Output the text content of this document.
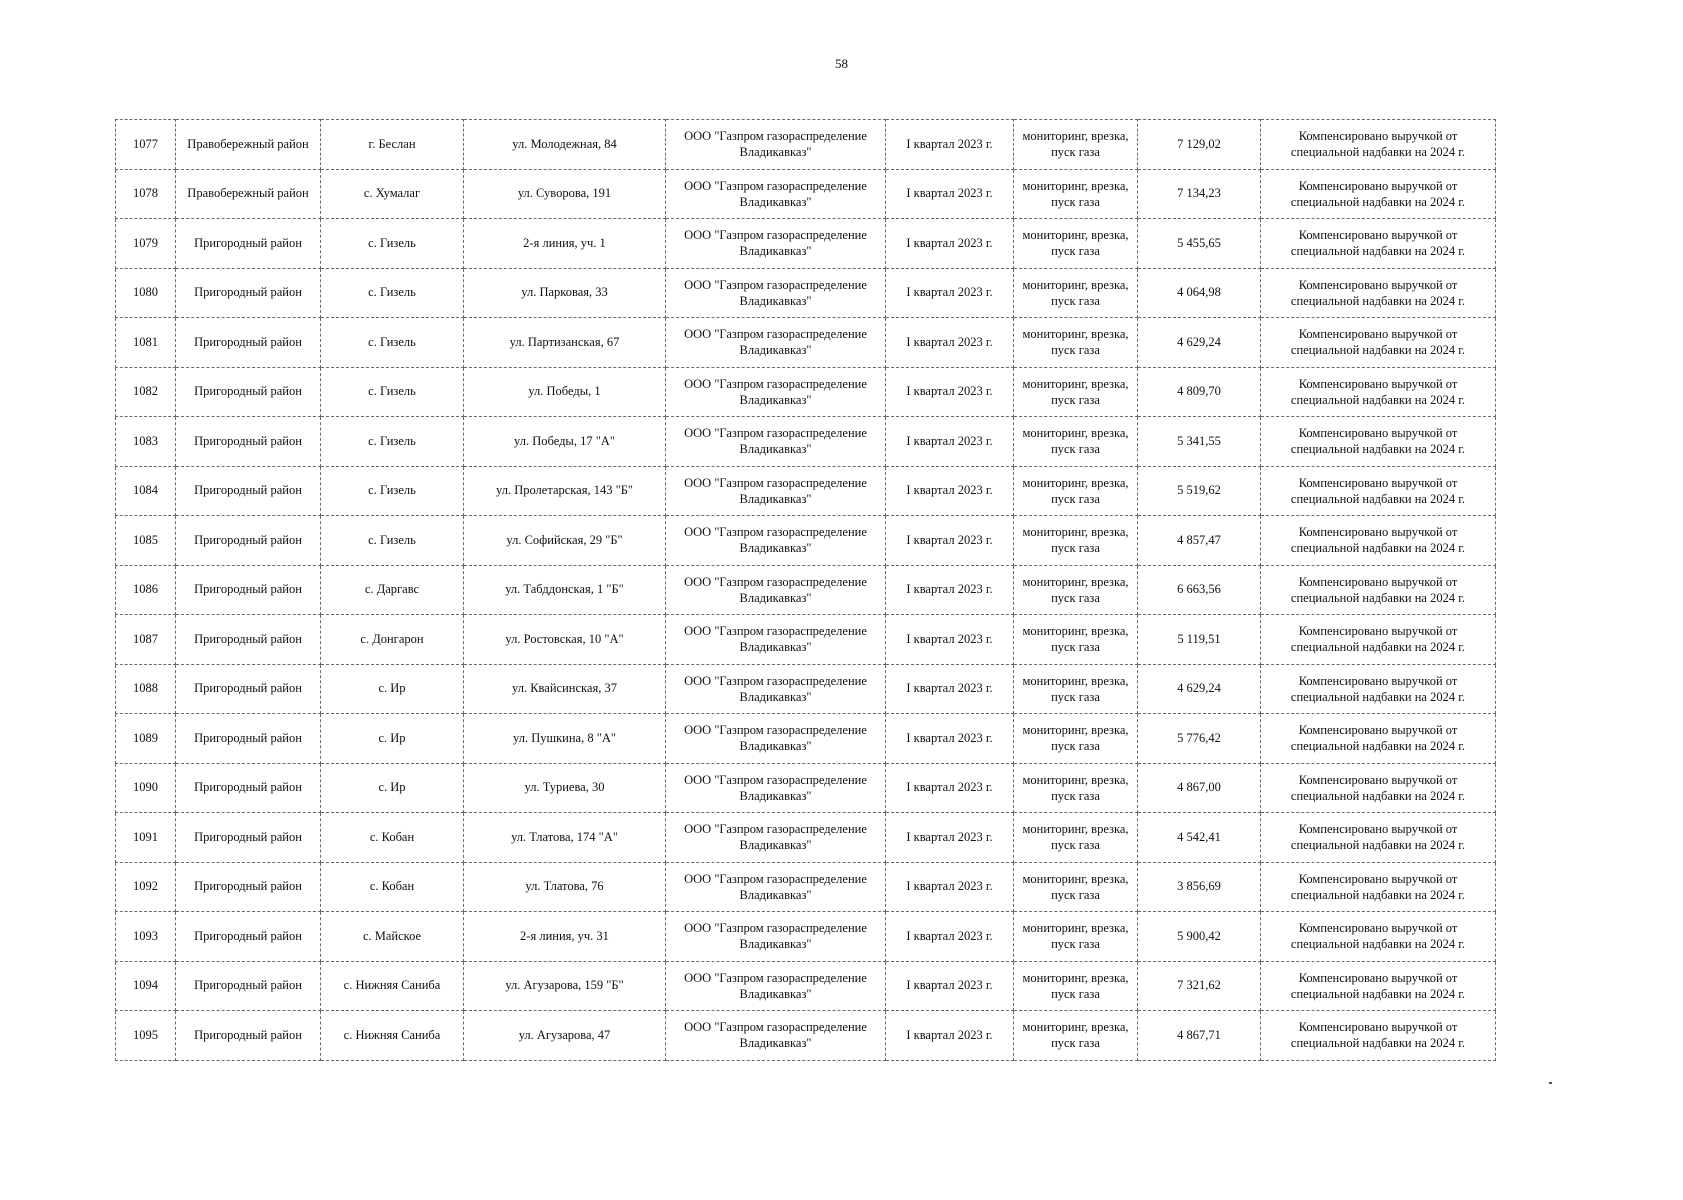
58
1077	Правобережный район	г. Беслан	ул. Молодежная, 84	ООО "Газпром газораспределение Владикавказ"	I квартал 2023 г.	мониторинг, врезка, пуск газа	7 129,02	Компенсировано выручкой от специальной надбавки на 2024 г.
1078	Правобережный район	с. Хумалаг	ул. Суворова, 191	ООО "Газпром газораспределение Владикавказ"	I квартал 2023 г.	мониторинг, врезка, пуск газа	7 134,23	Компенсировано выручкой от специальной надбавки на 2024 г.
1079	Пригородный район	с. Гизель	2-я линия, уч. 1	ООО "Газпром газораспределение Владикавказ"	I квартал 2023 г.	мониторинг, врезка, пуск газа	5 455,65	Компенсировано выручкой от специальной надбавки на 2024 г.
1080	Пригородный район	с. Гизель	ул. Парковая, 33	ООО "Газпром газораспределение Владикавказ"	I квартал 2023 г.	мониторинг, врезка, пуск газа	4 064,98	Компенсировано выручкой от специальной надбавки на 2024 г.
1081	Пригородный район	с. Гизель	ул. Партизанская, 67	ООО "Газпром газораспределение Владикавказ"	I квартал 2023 г.	мониторинг, врезка, пуск газа	4 629,24	Компенсировано выручкой от специальной надбавки на 2024 г.
1082	Пригородный район	с. Гизель	ул. Победы, 1	ООО "Газпром газораспределение Владикавказ"	I квартал 2023 г.	мониторинг, врезка, пуск газа	4 809,70	Компенсировано выручкой от специальной надбавки на 2024 г.
1083	Пригородный район	с. Гизель	ул. Победы, 17 "А"	ООО "Газпром газораспределение Владикавказ"	I квартал 2023 г.	мониторинг, врезка, пуск газа	5 341,55	Компенсировано выручкой от специальной надбавки на 2024 г.
1084	Пригородный район	с. Гизель	ул. Пролетарская, 143 "Б"	ООО "Газпром газораспределение Владикавказ"	I квартал 2023 г.	мониторинг, врезка, пуск газа	5 519,62	Компенсировано выручкой от специальной надбавки на 2024 г.
1085	Пригородный район	с. Гизель	ул. Софийская, 29 "Б"	ООО "Газпром газораспределение Владикавказ"	I квартал 2023 г.	мониторинг, врезка, пуск газа	4 857,47	Компенсировано выручкой от специальной надбавки на 2024 г.
1086	Пригородный район	с. Даргавс	ул. Табддонская, 1 "Б"	ООО "Газпром газораспределение Владикавказ"	I квартал 2023 г.	мониторинг, врезка, пуск газа	6 663,56	Компенсировано выручкой от специальной надбавки на 2024 г.
1087	Пригородный район	с. Донгарон	ул. Ростовская, 10 "А"	ООО "Газпром газораспределение Владикавказ"	I квартал 2023 г.	мониторинг, врезка, пуск газа	5 119,51	Компенсировано выручкой от специальной надбавки на 2024 г.
1088	Пригородный район	с. Ир	ул. Квайсинская, 37	ООО "Газпром газораспределение Владикавказ"	I квартал 2023 г.	мониторинг, врезка, пуск газа	4 629,24	Компенсировано выручкой от специальной надбавки на 2024 г.
1089	Пригородный район	с. Ир	ул. Пушкина, 8 "А"	ООО "Газпром газораспределение Владикавказ"	I квартал 2023 г.	мониторинг, врезка, пуск газа	5 776,42	Компенсировано выручкой от специальной надбавки на 2024 г.
1090	Пригородный район	с. Ир	ул. Туриева, 30	ООО "Газпром газораспределение Владикавказ"	I квартал 2023 г.	мониторинг, врезка, пуск газа	4 867,00	Компенсировано выручкой от специальной надбавки на 2024 г.
1091	Пригородный район	с. Кобан	ул. Тлатова, 174 "А"	ООО "Газпром газораспределение Владикавказ"	I квартал 2023 г.	мониторинг, врезка, пуск газа	4 542,41	Компенсировано выручкой от специальной надбавки на 2024 г.
1092	Пригородный район	с. Кобан	ул. Тлатова, 76	ООО "Газпром газораспределение Владикавказ"	I квартал 2023 г.	мониторинг, врезка, пуск газа	3 856,69	Компенсировано выручкой от специальной надбавки на 2024 г.
1093	Пригородный район	с. Майское	2-я линия, уч. 31	ООО "Газпром газораспределение Владикавказ"	I квартал 2023 г.	мониторинг, врезка, пуск газа	5 900,42	Компенсировано выручкой от специальной надбавки на 2024 г.
1094	Пригородный район	с. Нижняя Саниба	ул. Агузарова, 159 "Б"	ООО "Газпром газораспределение Владикавказ"	I квартал 2023 г.	мониторинг, врезка, пуск газа	7 321,62	Компенсировано выручкой от специальной надбавки на 2024 г.
1095	Пригородный район	с. Нижняя Саниба	ул. Агузарова, 47	ООО "Газпром газораспределение Владикавказ"	I квартал 2023 г.	мониторинг, врезка, пуск газа	4 867,71	Компенсировано выручкой от специальной надбавки на 2024 г.
